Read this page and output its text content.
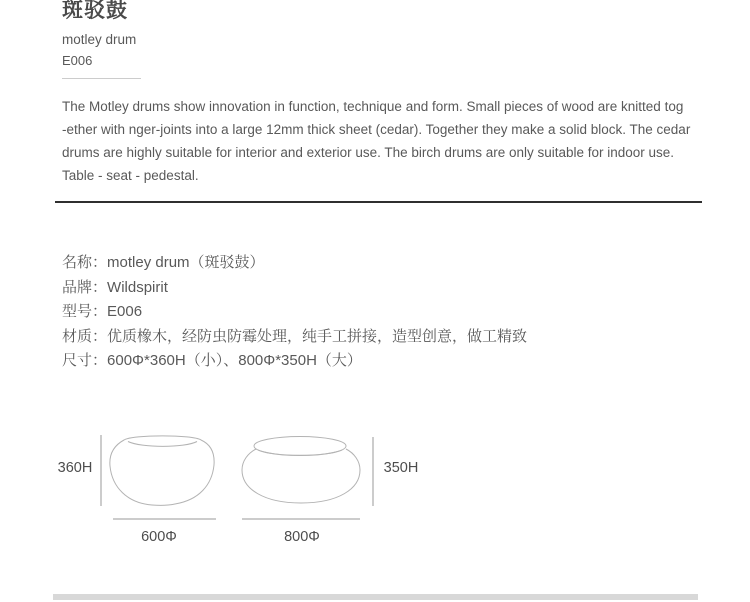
斑驳鼓
motley drum
E006
The Motley drums show innovation in function, technique and form. Small pieces of wood are knitted tog
-ether with nger-joints into a large 12mm thick sheet (cedar). Together they make a solid block. The cedar
drums are highly suitable for interior and exterior use. The birch drums are only suitable for indoor use.
Table - seat - pedestal.
名称：motley drum（斑驳鼓）
品牌：Wildspirit
型号：E006
材质：优质橡木，经防虫防霉处理，纯手工拼接，造型创意，做工精致
尺寸：600Φ*360H（小）、800Φ*350H（大）
360H
600Φ
350H
800Φ
